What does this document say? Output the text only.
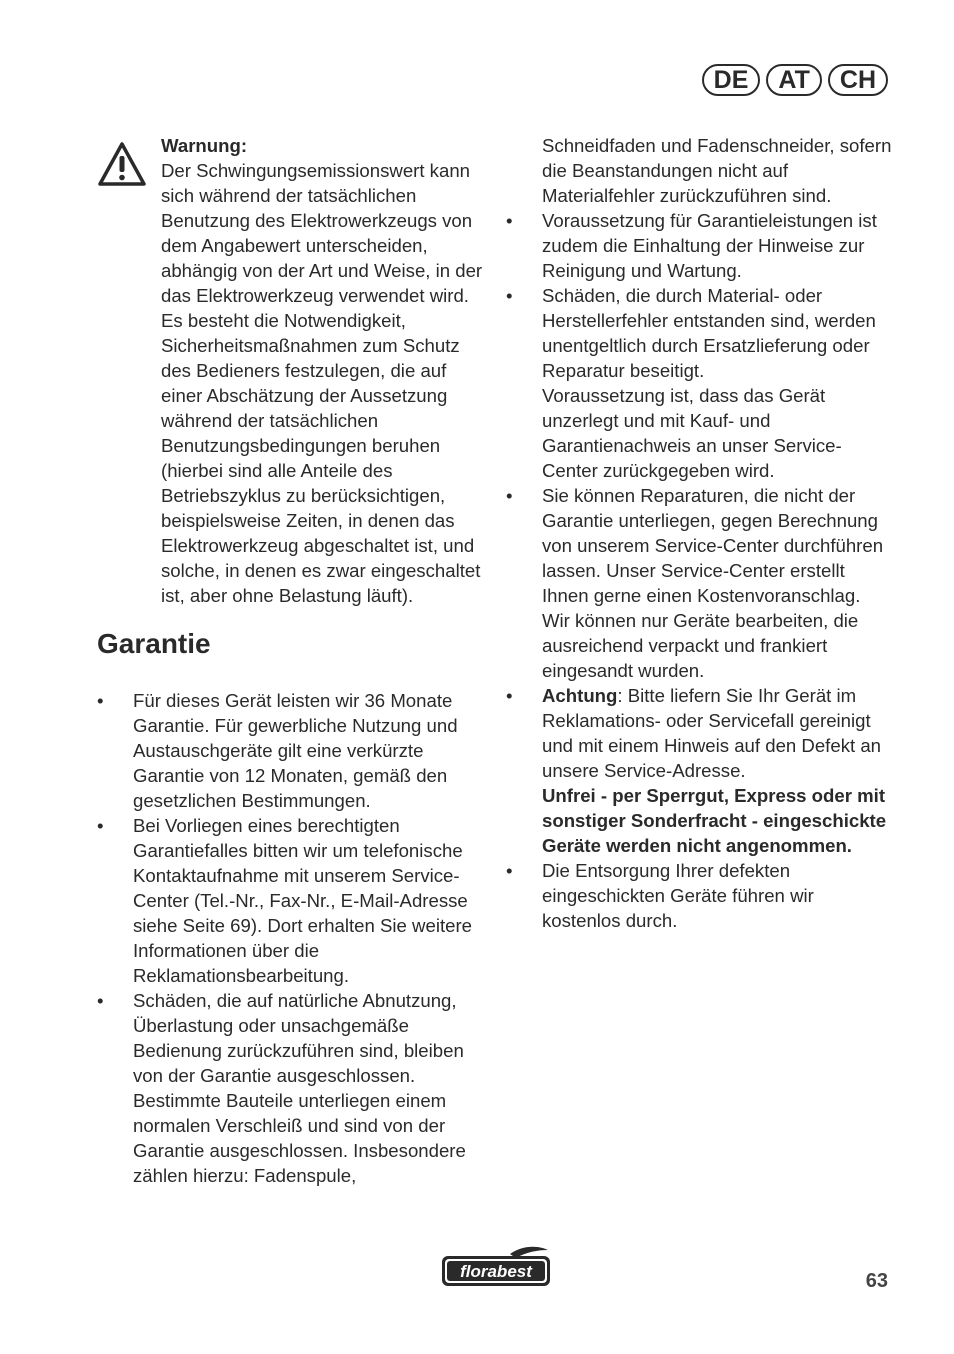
DE	AT	CH
Warnung:

Der Schwingungsemissionswert kann sich während der tatsächlichen Benutzung des Elektrowerkzeugs von dem Angabewert unterscheiden, abhängig von der Art und Weise, in der das Elektrowerkzeug verwendet wird.

Es besteht die Notwendigkeit, Sicherheitsmaßnahmen zum Schutz des Bedieners festzulegen, die auf einer Abschätzung der Aussetzung während der tatsächlichen Benutzungsbedingungen beruhen (hierbei sind alle Anteile des Betriebszyklus zu berücksichtigen, beispielsweise Zeiten, in denen das Elektrowerkzeug abgeschaltet ist, und solche, in denen es zwar eingeschaltet ist, aber ohne Belastung läuft).

Garantie
• Für dieses Gerät leisten wir 36 Monate Garantie. Für gewerbliche Nutzung und Austauschgeräte gilt eine verkürzte Garantie von 12 Monaten, gemäß den gesetzlichen Bestimmungen.
• Bei Vorliegen eines berechtigten Garantiefalles bitten wir um telefonische Kontaktaufnahme mit unserem Service-Center (Tel.-Nr., Fax-Nr., E-Mail-Adresse siehe Seite 69). Dort erhalten Sie weitere Informationen über die Reklamationsbearbeitung.
• Schäden, die auf natürliche Abnutzung, Überlastung oder unsachgemäße Bedienung zurückzuführen sind, bleiben von der Garantie ausgeschlossen. Bestimmte Bauteile unterliegen einem normalen Verschleiß und sind von der Garantie ausgeschlossen. Insbesondere zählen hierzu: Fadenspule,

Schneidfaden und Fadenschneider, sofern die Beanstandungen nicht auf Materialfehler zurückzuführen sind.

• Voraussetzung für Garantieleistungen ist zudem die Einhaltung der Hinweise zur Reinigung und Wartung.

• Schäden, die durch Material- oder Herstellerfehler entstanden sind, werden unentgeltlich durch Ersatzlieferung oder Reparatur beseitigt.

Voraussetzung ist, dass das Gerät unzerlegt und mit Kauf- und Garantienachweis an unser Service-Center zurückgegeben wird.

• Sie können Reparaturen, die nicht der Garantie unterliegen, gegen Berechnung von unserem Service-Center durchführen lassen. Unser Service-Center erstellt Ihnen gerne einen Kostenvoranschlag.

Wir können nur Geräte bearbeiten, die ausreichend verpackt und frankiert eingesandt wurden.

• Achtung: Bitte liefern Sie Ihr Gerät im Reklamations- oder Servicefall gereinigt und mit einem Hinweis auf den Defekt an unsere Service-Adresse.

Unfrei - per Sperrgut, Express oder mit sonstiger Sonderfracht - eingeschickte Geräte werden nicht angenommen.

• Die Entsorgung Ihrer defekten eingeschickten Geräte führen wir kostenlos durch.

florabest	63
